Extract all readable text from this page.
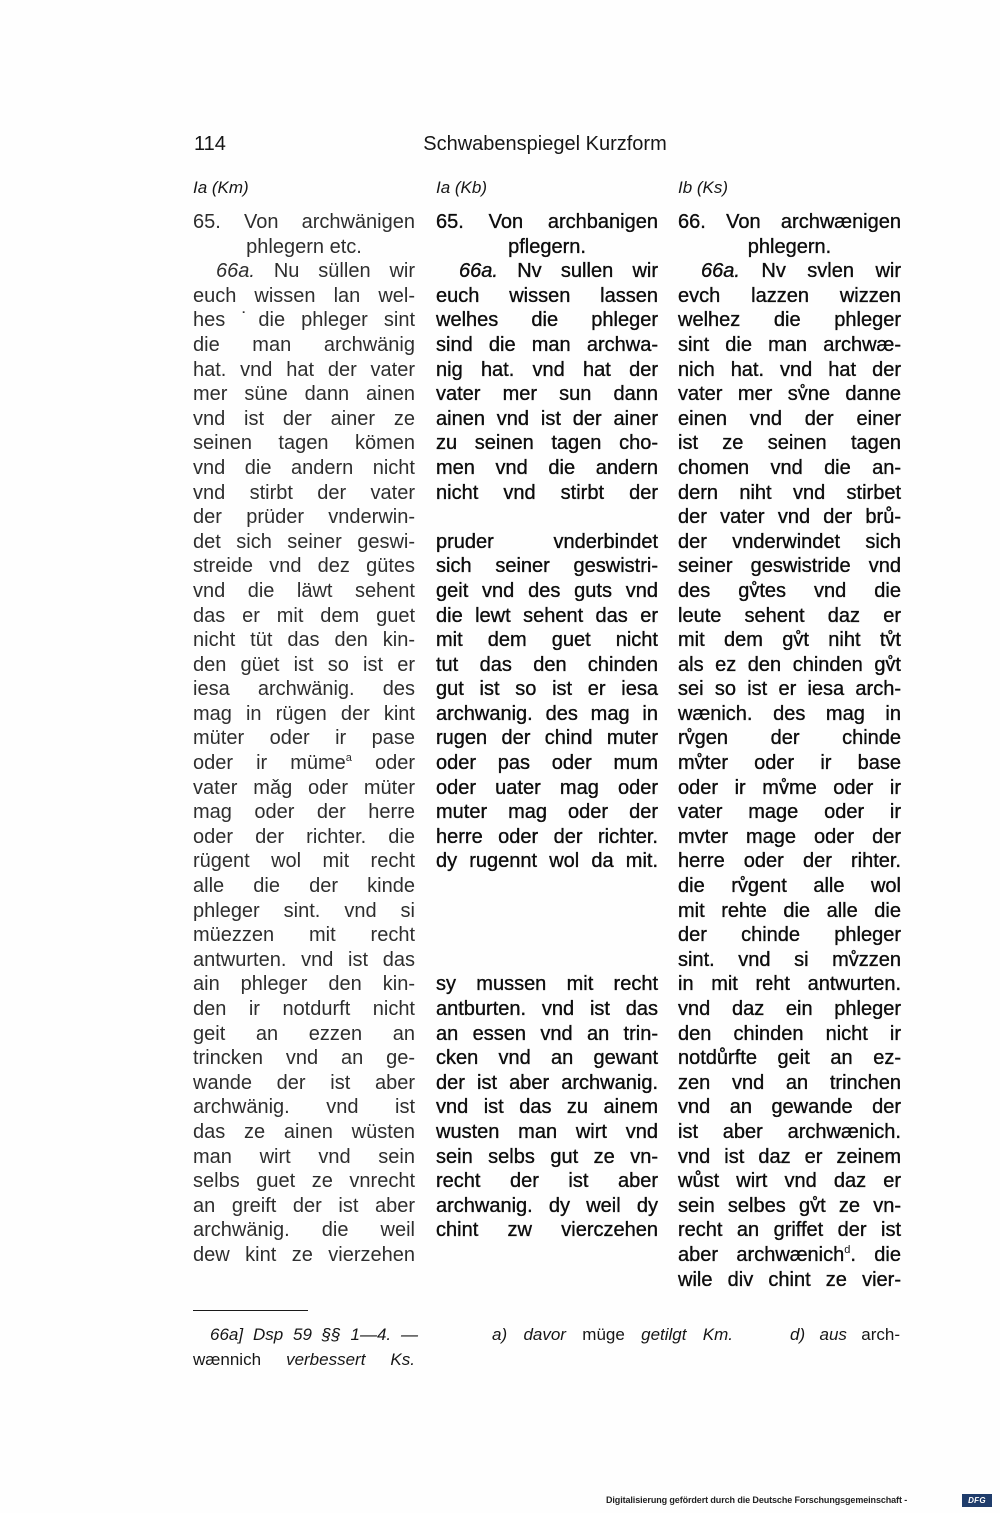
114	Schwabenspiegel Kurzform
Ia (Km)	Ia (Kb)	Ib (Ks)
65. Von archwänigen
phlegern etc.
66a. Nu süllen wir
euch wissen lan wel-
hes ˙die phleger sint
die man archwänig
hat. vnd hat der vater
mer süne dann ainen
vnd ist der ainer ze
seinen tagen kömen
vnd die andern nicht
vnd stirbt der vater
der prüder vnderwin-
det sich seiner geswi-
streide vnd dez gütes
vnd die läwt sehent
das er mit dem guet
nicht tüt das den kin-
den güet ist so ist er
iesa archwänig. des
mag in rügen der kint
müter oder ir pase
oder ir müme$^a$ oder
vater mǎg oder müter
mag oder der herre
oder der richter. die
rügent wol mit recht
alle die der kinde
phleger sint. vnd si
müezzen mit recht
antwurten. vnd ist das
ain phleger den kin-
den ir notdurft nicht
geit an ezzen an
trincken vnd an ge-
wande der ist aber
archwänig. vnd ist
das ze ainen wüsten
man wirt vnd sein
selbs guet ze vnrecht
an greift der ist aber
archwänig. die weil
dew kint ze vierzehen
65. Von archbanigen
pflegern.
66a. Nv sullen wir
euch wissen lassen
welhes die phleger
sind die man archwa-
nig hat. vnd hat der
vater mer sun dann
ainen vnd ist der ainer
zu seinen tagen cho-
men vnd die andern
nicht vnd stirbt der
pruder vnderbindet
sich seiner geswistri-
geit vnd des guts vnd
die lewt sehent das er
mit dem guet nicht
tut das den chinden
gut ist so ist er iesa
archwanig. des mag in
rugen der chind muter
oder pas oder mum
oder uater mag oder
muter mag oder der
herre oder der richter.
dy rugennt wol da mit.
sy mussen mit recht
antburten. vnd ist das
an essen vnd an trin-
cken vnd an gewant
der ist aber archwanig.
vnd ist das zu ainem
wusten man wirt vnd
sein selbs gut ze vn-
recht der ist aber
archwanig. dy weil dy
chint zw vierczehen
66. Von archwænigen
phlegern.
66a. Nv svlen wir
evch lazzen wizzen
welhez die phleger
sint die man archwæ-
nich hat. vnd hat der
vater mer sv̊ne danne
einen vnd der einer
ist ze seinen tagen
chomen vnd die an-
dern niht vnd stirbet
der vater vnd der brů-
der vnderwindet sich
seiner geswistride vnd
des gv̊tes vnd die
leute sehent daz er
mit dem gv̊t niht tv̊t
als ez den chinden gv̊t
sei so ist er iesa arch-
wænich. des mag in
rv̊gen der chinde
mv̊ter oder ir base
oder ir mv̊me oder ir
vater mage oder ir
mvter mage oder der
herre oder der rihter.
die rv̊gent alle wol
mit rehte die alle die
der chinde phleger
sint. vnd si mv̊zzen
in mit reht antwurten.
vnd daz ein phleger
den chinden nicht ir
notdůrfte geit an ez-
zen vnd an trinchen
vnd an gewande der
ist aber archwænich.
vnd ist daz er zeinem
wůst wirt vnd daz er
sein selbes gv̊t ze vn-
recht an griffet der ist
aber archwænich$^d$. die
wile div chint ze vier-
66a] Dsp 59 §§ 1—4. —	a) davor müge getilgt Km.	d) aus arch-
wænnich verbessert Ks.
Digitalisierung gefördert durch die Deutsche Forschungsgemeinschaft -	DFG
